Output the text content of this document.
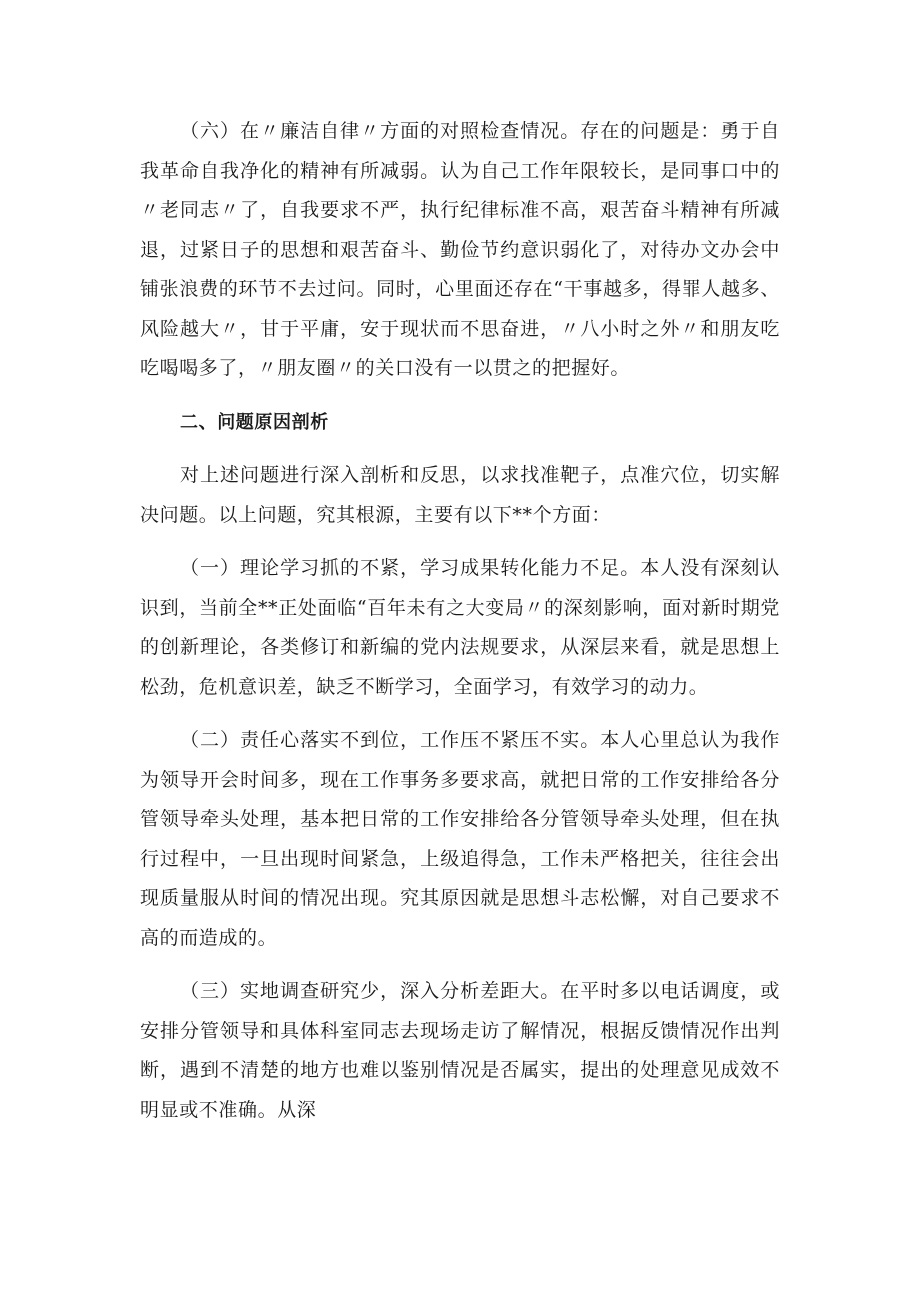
（六）在〃廉洁自律〃方面的对照检查情况。存在的问题是：勇于自我革命自我净化的精神有所减弱。认为自己工作年限较长，是同事口中的〃老同志〃了，自我要求不严，执行纪律标准不高，艰苦奋斗精神有所减退，过紧日子的思想和艰苦奋斗、勤俭节约意识弱化了，对待办文办会中铺张浪费的环节不去过问。同时，心里面还存在“干事越多，得罪人越多、风险越大〃，甘于平庸，安于现状而不思奋进，〃八小时之外〃和朋友吃吃喝喝多了，〃朋友圈〃的关口没有一以贯之的把握好。

二、问题原因剖析

对上述问题进行深入剖析和反思，以求找准靶子，点准穴位，切实解决问题。以上问题，究其根源，主要有以下**个方面：

（一）理论学习抓的不紧，学习成果转化能力不足。本人没有深刻认识到，当前全**正处面临“百年未有之大变局〃的深刻影响，面对新时期党的创新理论，各类修订和新编的党内法规要求，从深层来看，就是思想上松劲，危机意识差，缺乏不断学习，全面学习，有效学习的动力。

（二）责任心落实不到位，工作压不紧压不实。本人心里总认为我作为领导开会时间多，现在工作事务多要求高，就把日常的工作安排给各分管领导牵头处理，基本把日常的工作安排给各分管领导牵头处理，但在执行过程中，一旦出现时间紧急，上级追得急，工作未严格把关，往往会出现质量服从时间的情况出现。究其原因就是思想斗志松懈，对自己要求不高的而造成的。

（三）实地调查研究少，深入分析差距大。在平时多以电话调度，或安排分管领导和具体科室同志去现场走访了解情况，根据反馈情况作出判断，遇到不清楚的地方也难以鉴别情况是否属实，提出的处理意见成效不明显或不准确。从深
